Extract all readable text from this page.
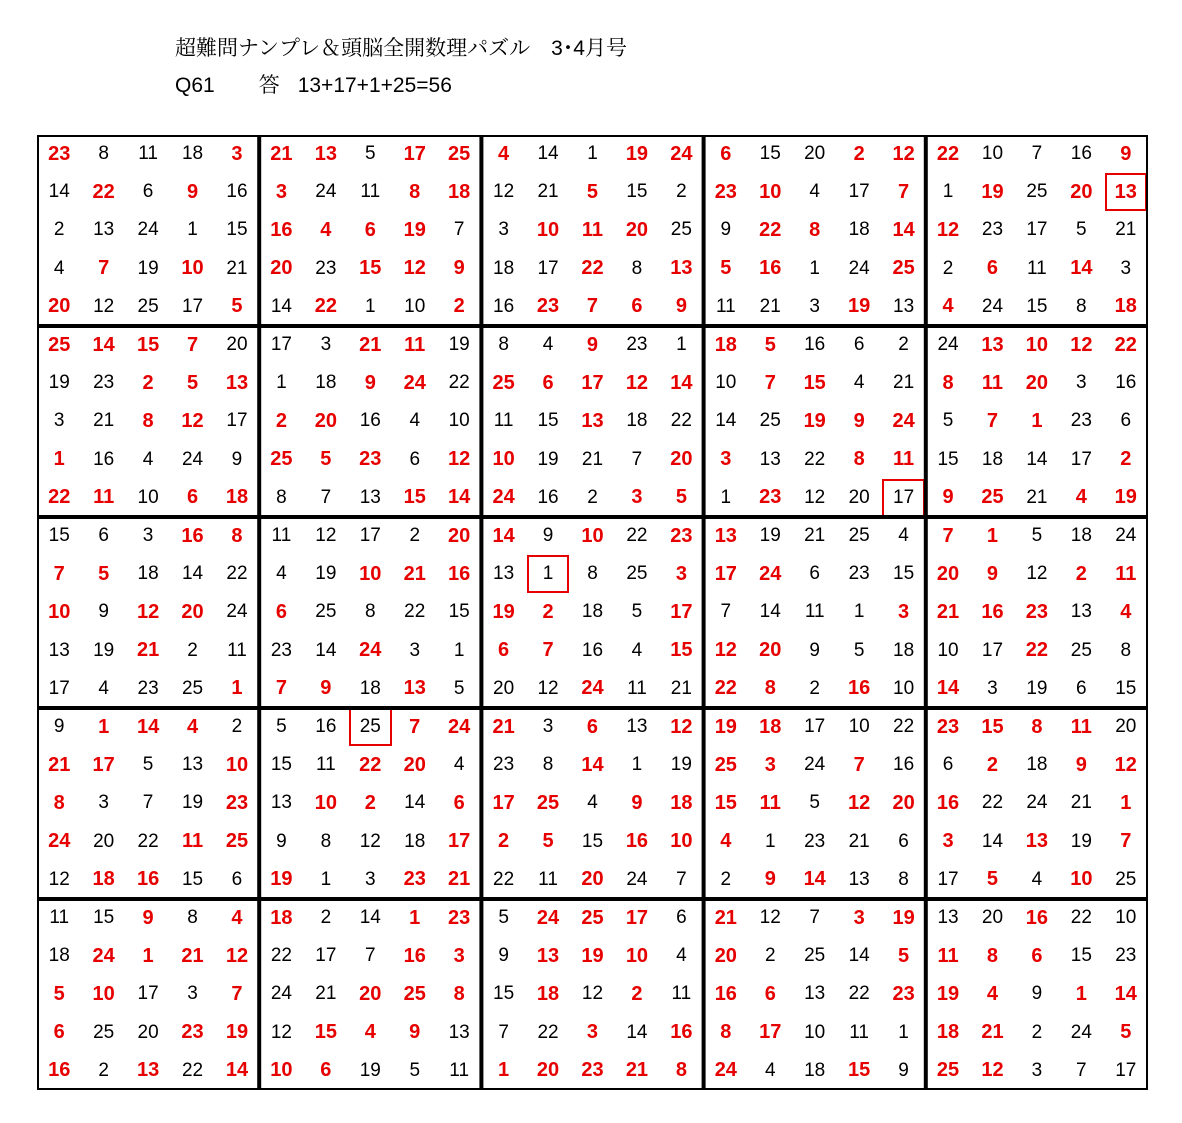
超難問ナンプレ＆頭脳全開数理パズル　3･4月号
Q61 答 13+17+1+25=56
23	8	11	18	3	21	13	5	17	25	4	14	1	19	24	6	15	20	2	12	22	10	7	16	9
14	22	6	9	16	3	24	11	8	18	12	21	5	15	2	23	10	4	17	7	1	19	25	20	13
2	13	24	1	15	16	4	6	19	7	3	10	11	20	25	9	22	8	18	14	12	23	17	5	21
4	7	19	10	21	20	23	15	12	9	18	17	22	8	13	5	16	1	24	25	2	6	11	14	3
20	12	25	17	5	14	22	1	10	2	16	23	7	6	9	11	21	3	19	13	4	24	15	8	18
25	14	15	7	20	17	3	21	11	19	8	4	9	23	1	18	5	16	6	2	24	13	10	12	22
19	23	2	5	13	1	18	9	24	22	25	6	17	12	14	10	7	15	4	21	8	11	20	3	16
3	21	8	12	17	2	20	16	4	10	11	15	13	18	22	14	25	19	9	24	5	7	1	23	6
1	16	4	24	9	25	5	23	6	12	10	19	21	7	20	3	13	22	8	11	15	18	14	17	2
22	11	10	6	18	8	7	13	15	14	24	16	2	3	5	1	23	12	20	17	9	25	21	4	19
15	6	3	16	8	11	12	17	2	20	14	9	10	22	23	13	19	21	25	4	7	1	5	18	24
7	5	18	14	22	4	19	10	21	16	13	1	8	25	3	17	24	6	23	15	20	9	12	2	11
10	9	12	20	24	6	25	8	22	15	19	2	18	5	17	7	14	11	1	3	21	16	23	13	4
13	19	21	2	11	23	14	24	3	1	6	7	16	4	15	12	20	9	5	18	10	17	22	25	8
17	4	23	25	1	7	9	18	13	5	20	12	24	11	21	22	8	2	16	10	14	3	19	6	15
9	1	14	4	2	5	16	25	7	24	21	3	6	13	12	19	18	17	10	22	23	15	8	11	20
21	17	5	13	10	15	11	22	20	4	23	8	14	1	19	25	3	24	7	16	6	2	18	9	12
8	3	7	19	23	13	10	2	14	6	17	25	4	9	18	15	11	5	12	20	16	22	24	21	1
24	20	22	11	25	9	8	12	18	17	2	5	15	16	10	4	1	23	21	6	3	14	13	19	7
12	18	16	15	6	19	1	3	23	21	22	11	20	24	7	2	9	14	13	8	17	5	4	10	25
11	15	9	8	4	18	2	14	1	23	5	24	25	17	6	21	12	7	3	19	13	20	16	22	10
18	24	1	21	12	22	17	7	16	3	9	13	19	10	4	20	2	25	14	5	11	8	6	15	23
5	10	17	3	7	24	21	20	25	8	15	18	12	2	11	16	6	13	22	23	19	4	9	1	14
6	25	20	23	19	12	15	4	9	13	7	22	3	14	16	8	17	10	11	1	18	21	2	24	5
16	2	13	22	14	10	6	19	5	11	1	20	23	21	8	24	4	18	15	9	25	12	3	7	17
